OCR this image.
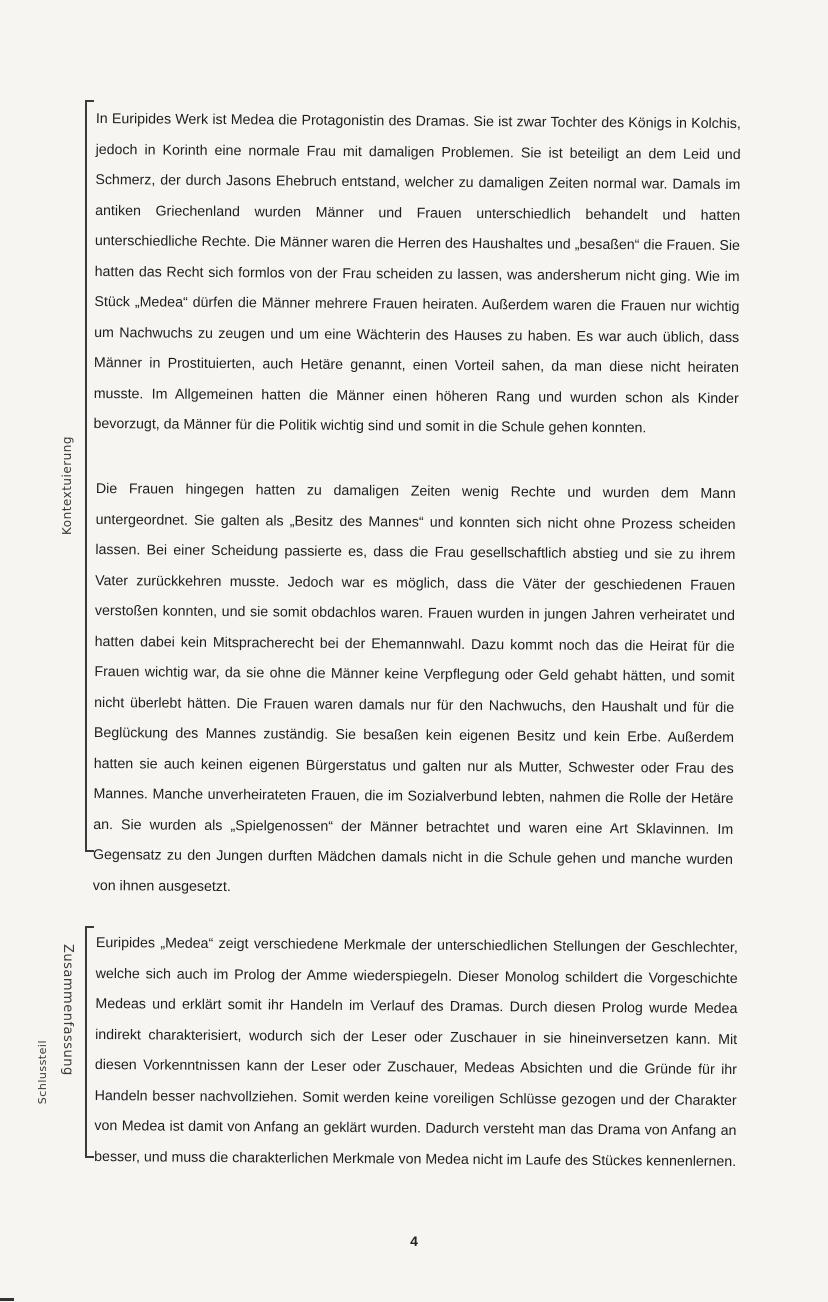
Kontextuierung
Zusammenfassung
Schlussteil

In Euripides Werk ist Medea die Protagonistin des Dramas. Sie ist zwar Tochter des Königs in Kolchis, jedoch in Korinth eine normale Frau mit damaligen Problemen. Sie ist beteiligt an dem Leid und Schmerz, der durch Jasons Ehebruch entstand, welcher zu damaligen Zeiten normal war. Damals im antiken Griechenland wurden Männer und Frauen unterschiedlich behandelt und hatten unterschiedliche Rechte. Die Männer waren die Herren des Haushaltes und „besaßen“ die Frauen. Sie hatten das Recht sich formlos von der Frau scheiden zu lassen, was andersherum nicht ging. Wie im Stück „Medea“ dürfen die Männer mehrere Frauen heiraten. Außerdem waren die Frauen nur wichtig um Nachwuchs zu zeugen und um eine Wächterin des Hauses zu haben. Es war auch üblich, dass Männer in Prostituierten, auch Hetäre genannt, einen Vorteil sahen, da man diese nicht heiraten musste. Im Allgemeinen hatten die Männer einen höheren Rang und wurden schon als Kinder bevorzugt, da Männer für die Politik wichtig sind und somit in die Schule gehen konnten.

Die Frauen hingegen hatten zu damaligen Zeiten wenig Rechte und wurden dem Mann untergeordnet. Sie galten als „Besitz des Mannes“ und konnten sich nicht ohne Prozess scheiden lassen. Bei einer Scheidung passierte es, dass die Frau gesellschaftlich abstieg und sie zu ihrem Vater zurückkehren musste. Jedoch war es möglich, dass die Väter der geschiedenen Frauen verstoßen konnten, und sie somit obdachlos waren. Frauen wurden in jungen Jahren verheiratet und hatten dabei kein Mitspracherecht bei der Ehemannwahl. Dazu kommt noch das die Heirat für die Frauen wichtig war, da sie ohne die Männer keine Verpflegung oder Geld gehabt hätten, und somit nicht überlebt hätten. Die Frauen waren damals nur für den Nachwuchs, den Haushalt und für die Beglückung des Mannes zuständig. Sie besaßen kein eigenen Besitz und kein Erbe. Außerdem hatten sie auch keinen eigenen Bürgerstatus und galten nur als Mutter, Schwester oder Frau des Mannes. Manche unverheirateten Frauen, die im Sozialverbund lebten, nahmen die Rolle der Hetäre an. Sie wurden als „Spielgenossen“ der Männer betrachtet und waren eine Art Sklavinnen. Im Gegensatz zu den Jungen durften Mädchen damals nicht in die Schule gehen und manche wurden von ihnen ausgesetzt.

Euripides „Medea“ zeigt verschiedene Merkmale der unterschiedlichen Stellungen der Geschlechter, welche sich auch im Prolog der Amme wiederspiegeln. Dieser Monolog schildert die Vorgeschichte Medeas und erklärt somit ihr Handeln im Verlauf des Dramas. Durch diesen Prolog wurde Medea indirekt charakterisiert, wodurch sich der Leser oder Zuschauer in sie hineinversetzen kann. Mit diesen Vorkenntnissen kann der Leser oder Zuschauer, Medeas Absichten und die Gründe für ihr Handeln besser nachvollziehen. Somit werden keine voreiligen Schlüsse gezogen und der Charakter von Medea ist damit von Anfang an geklärt wurden. Dadurch versteht man das Drama von Anfang an besser, und muss die charakterlichen Merkmale von Medea nicht im Laufe des Stückes kennenlernen.

4
